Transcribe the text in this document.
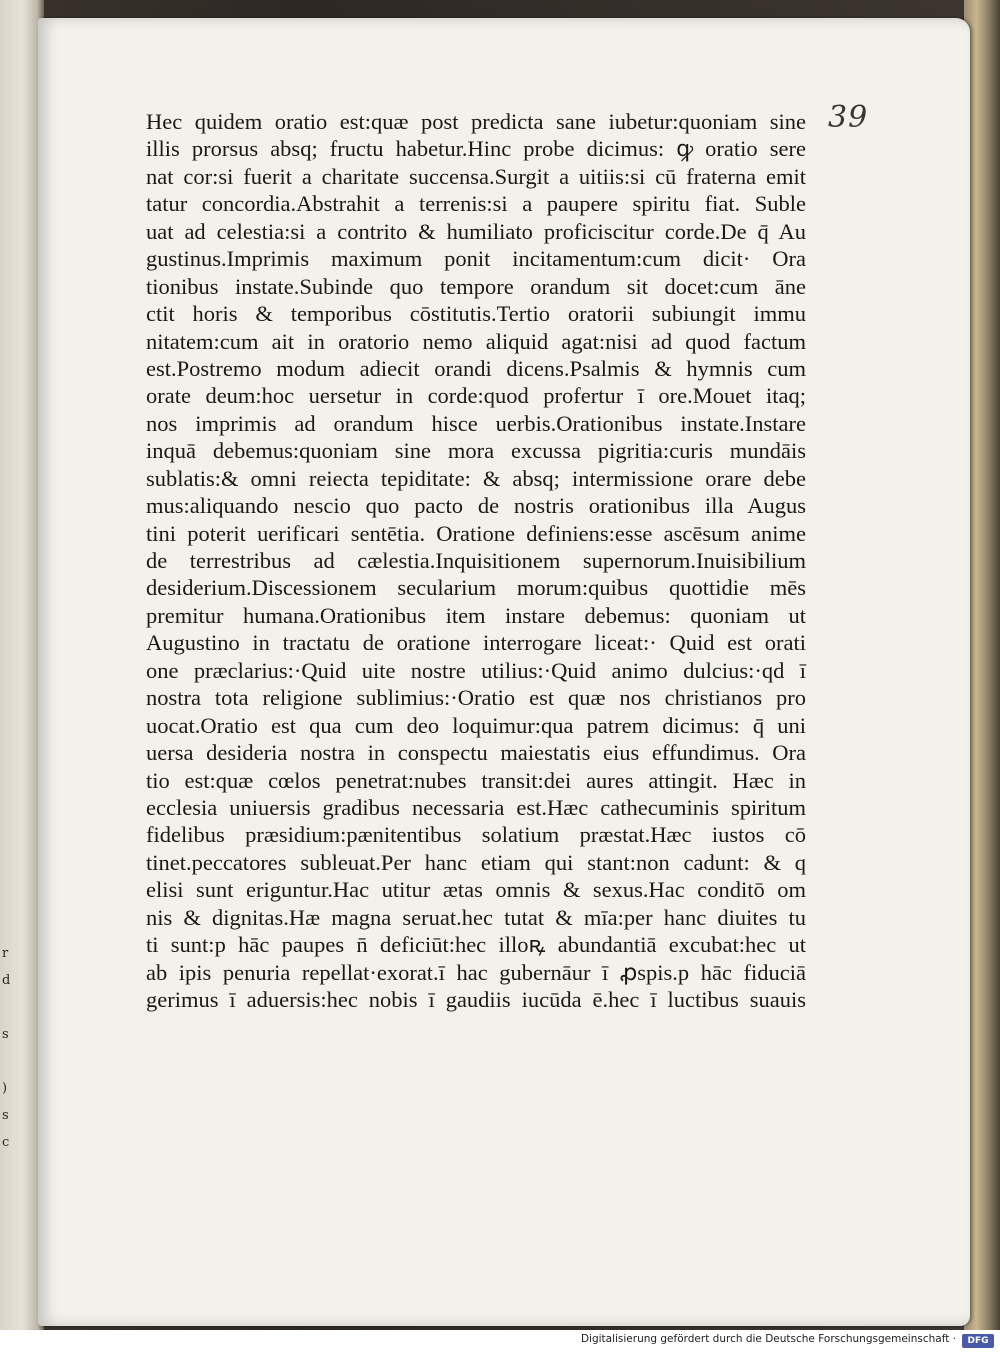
r
d

s

)
s
c
39
Hec quidem oratio est:quæ post predicta sane iubetur:quoniam sine
illis prorsus absq; fructu habetur.Hinc probe dicimus: ꝙ oratio sere
nat cor:si fuerit a charitate succensa.Surgit a uitiis:si cū fraterna emit
tatur concordia.Abstrahit a terrenis:si a paupere spiritu fiat. Suble
uat ad celestia:si a contrito & humiliato proficiscitur corde.De q̄ Au
gustinus.Imprimis maximum ponit incitamentum:cum dicit· Ora
tionibus instate.Subinde quo tempore orandum sit docet:cum āne
ctit horis & temporibus cōstitutis.Tertio oratorii subiungit immu
nitatem:cum ait in oratorio nemo aliquid agat:nisi ad quod factum
est.Postremo modum adiecit orandi dicens.Psalmis & hymnis cum
orate deum:hoc uersetur in corde:quod profertur ī ore.Mouet itaq;
nos imprimis ad orandum hisce uerbis.Orationibus instate.Instare
inquā debemus:quoniam sine mora excussa pigritia:curis mundāis
sublatis:& omni reiecta tepiditate: & absq; intermissione orare debe
mus:aliquando nescio quo pacto de nostris orationibus illa Augus
tini poterit uerificari sentētia. Oratione definiens:esse ascēsum anime
de terrestribus ad cælestia.Inquisitionem supernorum.Inuisibilium
desiderium.Discessionem secularium morum:quibus quottidie mēs
premitur humana.Orationibus item instare debemus: quoniam ut
Augustino in tractatu de oratione interrogare liceat:· Quid est orati
one præclarius:·Quid uite nostre utilius:·Quid animo dulcius:·qd ī
nostra tota religione sublimius:·Oratio est quæ nos christianos pro
uocat.Oratio est qua cum deo loquimur:qua patrem dicimus: q̄ uni
uersa desideria nostra in conspectu maiestatis eius effundimus. Ora
tio est:quæ cœlos penetrat:nubes transit:dei aures attingit. Hæc in
ecclesia uniuersis gradibus necessaria est.Hæc cathecuminis spiritum
fidelibus præsidium:pænitentibus solatium præstat.Hæc iustos cō
tinet.peccatores subleuat.Per hanc etiam qui stant:non cadunt: & q
elisi sunt eriguntur.Hac utitur ætas omnis & sexus.Hac conditō om
nis & dignitas.Hæ magna seruat.hec tutat & mīa:per hanc diuites tu
ti sunt:p hāc paupes n̄ deficiūt:hec illoꝶ abundantiā excubat:hec ut
ab ipis penuria repellat·exorat.ī hac gubernāur ī ꝓspis.p hāc fiduciā
gerimus ī aduersis:hec nobis ī gaudiis iucūda ē.hec ī luctibus suauis
Digitalisierung gefördert durch die Deutsche Forschungsgemeinschaft ·	DFG
